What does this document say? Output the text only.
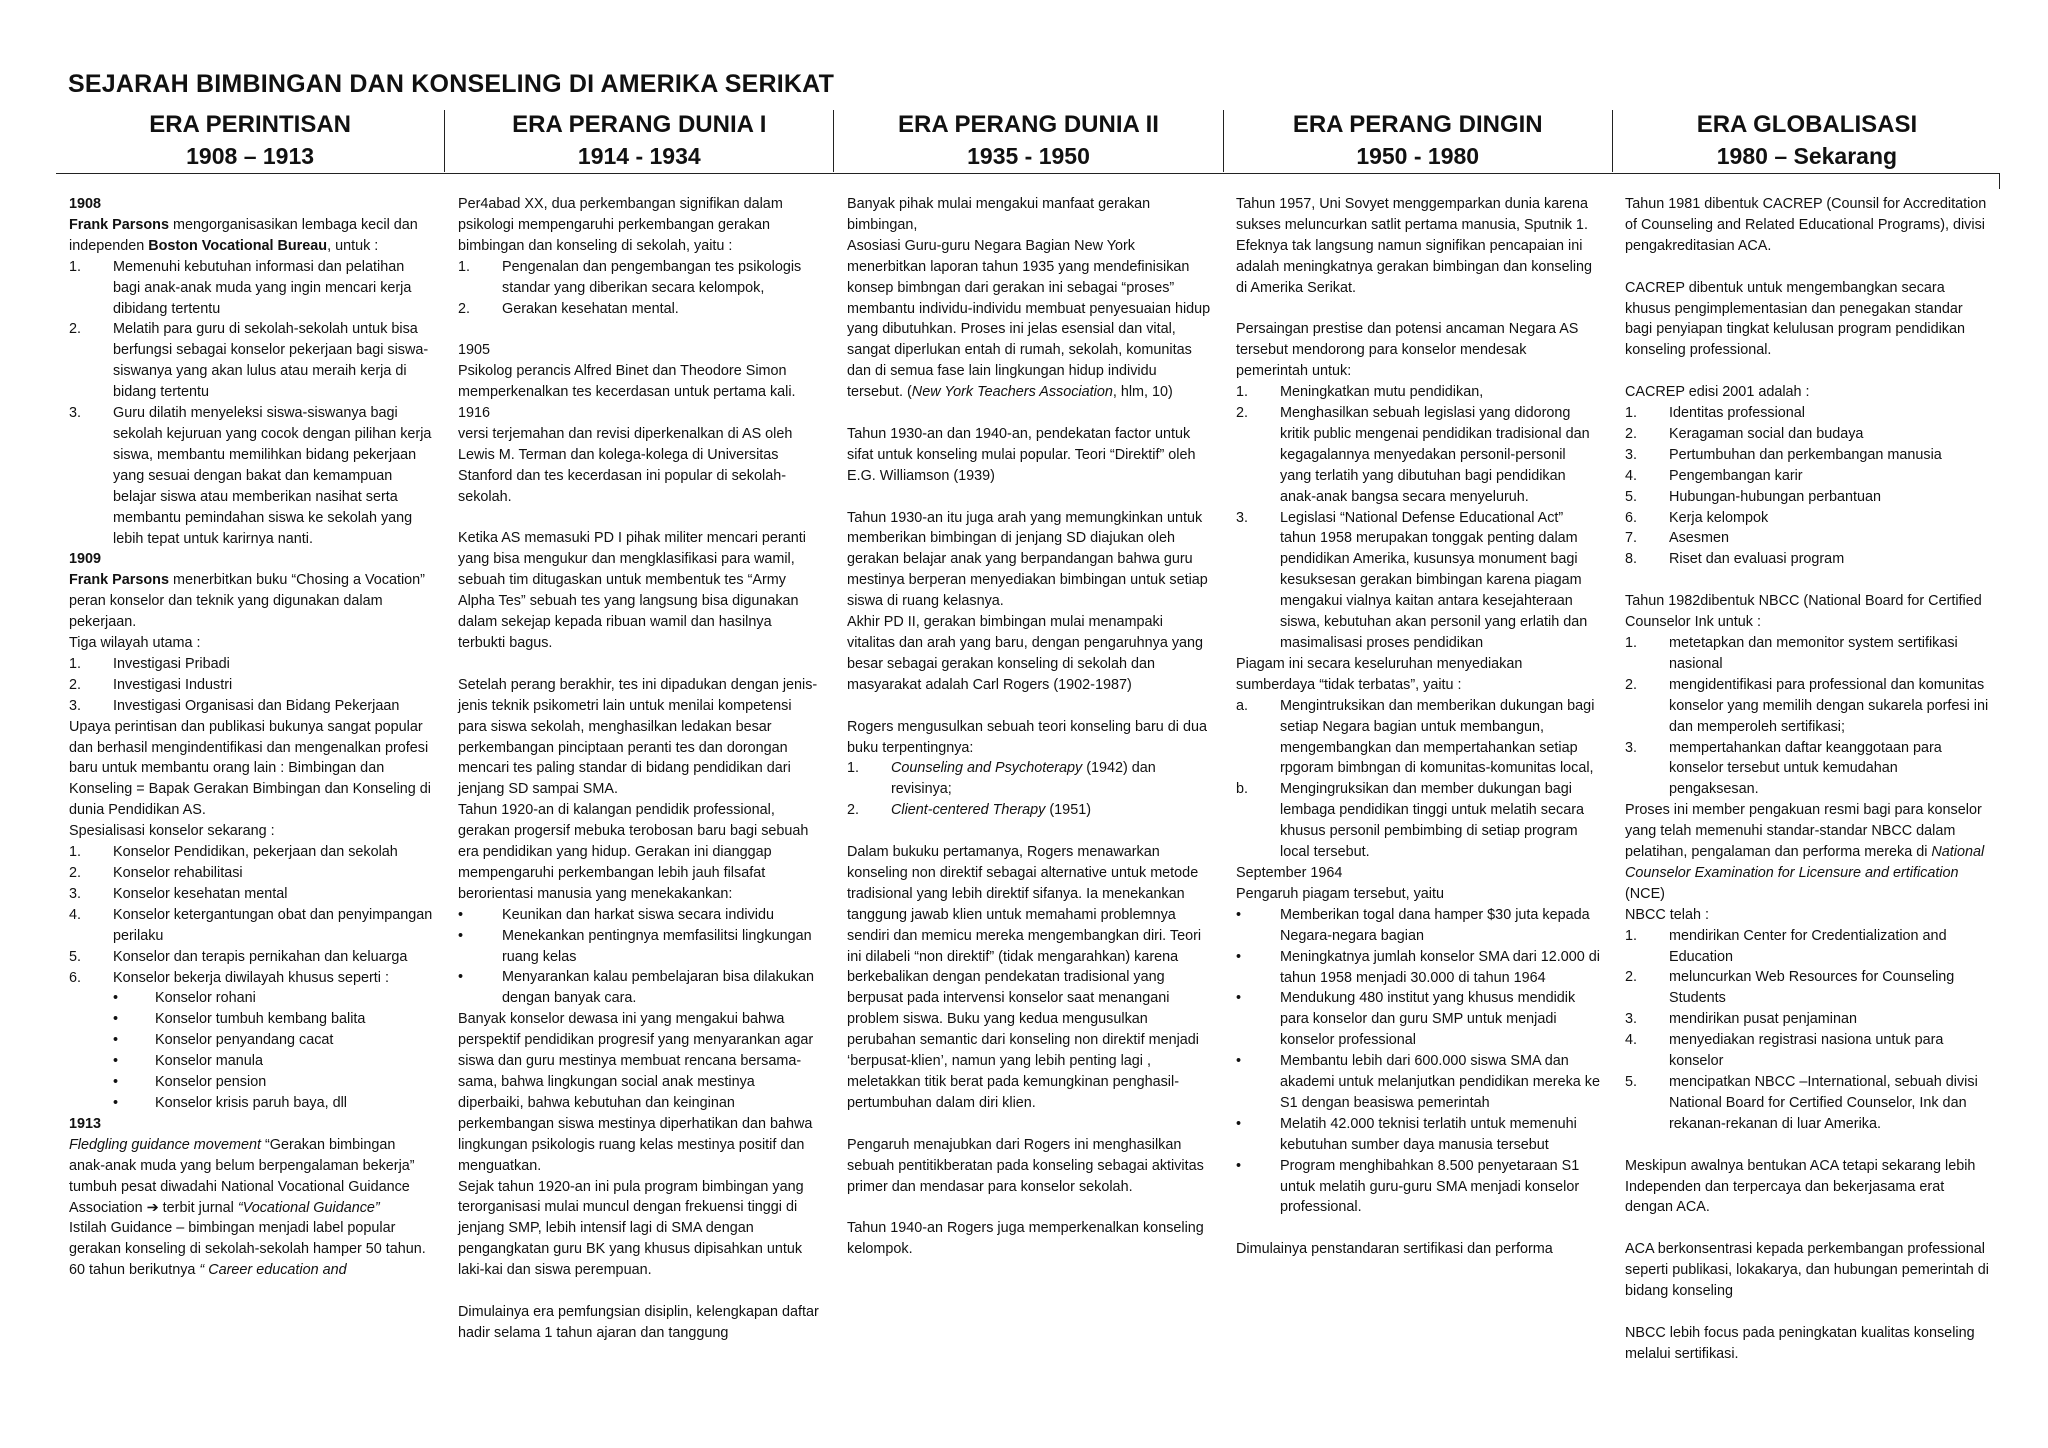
SEJARAH BIMBINGAN DAN KONSELING DI AMERIKA SERIKAT
ERA PERINTISAN
1908 – 1913
ERA PERANG DUNIA I
1914 - 1934
ERA PERANG DUNIA II
1935 - 1950
ERA PERANG DINGIN
1950 - 1980
ERA GLOBALISASI
1980 – Sekarang

1908

Frank Parsons mengorganisasikan lembaga kecil dan independen Boston Vocational Bureau, untuk :

1.	Memenuhi kebutuhan informasi dan pelatihan bagi anak-anak muda yang ingin mencari kerja dibidang tertentu
2.	Melatih para guru di sekolah-sekolah untuk bisa berfungsi sebagai konselor pekerjaan bagi siswa-siswanya yang akan lulus atau meraih kerja di bidang tertentu
3.	Guru dilatih menyeleksi siswa-siswanya bagi sekolah kejuruan yang cocok dengan pilihan kerja siswa, membantu memilihkan bidang pekerjaan yang sesuai dengan bakat dan kemampuan belajar siswa atau memberikan nasihat serta membantu pemindahan siswa ke sekolah yang lebih tepat untuk karirnya nanti.

1909

Frank Parsons menerbitkan buku “Chosing a Vocation” peran konselor dan teknik yang digunakan dalam pekerjaan.

Tiga wilayah utama :

1.	Investigasi Pribadi
2.	Investigasi Industri
3.	Investigasi Organisasi dan Bidang Pekerjaan

Upaya perintisan dan publikasi bukunya sangat popular dan berhasil mengindentifikasi dan mengenalkan profesi baru untuk membantu orang lain : Bimbingan dan Konseling = Bapak Gerakan Bimbingan dan Konseling di dunia Pendidikan AS.

Spesialisasi konselor sekarang :

1.	Konselor Pendidikan, pekerjaan dan sekolah
2.	Konselor rehabilitasi
3.	Konselor kesehatan mental
4.	Konselor ketergantungan obat dan penyimpangan perilaku
5.	Konselor dan terapis pernikahan dan keluarga
6.	Konselor bekerja diwilayah khusus seperti :
•	Konselor rohani
•	Konselor tumbuh kembang balita
•	Konselor penyandang cacat
•	Konselor manula
•	Konselor pension
•	Konselor krisis paruh baya, dll

1913

Fledgling guidance movement “Gerakan bimbingan anak-anak muda yang belum berpengalaman bekerja” tumbuh pesat diwadahi National Vocational Guidance Association ➔ terbit jurnal “Vocational Guidance”

Istilah Guidance – bimbingan menjadi label popular gerakan konseling di sekolah-sekolah hamper 50 tahun.

60 tahun berikutnya “ Career education and

Per4abad XX, dua perkembangan signifikan dalam psikologi mempengaruhi perkembangan gerakan bimbingan dan konseling di sekolah, yaitu :

1.	Pengenalan dan pengembangan tes psikologis standar yang diberikan secara kelompok,
2.	Gerakan kesehatan mental.

1905

Psikolog perancis Alfred Binet dan Theodore Simon memperkenalkan tes kecerdasan untuk pertama kali.

1916

versi terjemahan dan revisi diperkenalkan di AS oleh Lewis M. Terman dan kolega-kolega di Universitas Stanford dan tes kecerdasan ini popular di sekolah-sekolah.

Ketika AS memasuki PD I pihak militer mencari peranti yang bisa mengukur dan mengklasifikasi para wamil, sebuah tim ditugaskan untuk membentuk tes “Army Alpha Tes” sebuah tes yang langsung bisa digunakan dalam sekejap kepada ribuan wamil dan hasilnya terbukti bagus.

Setelah perang berakhir, tes ini dipadukan dengan jenis-jenis teknik psikometri lain untuk menilai kompetensi para siswa sekolah, menghasilkan ledakan besar perkembangan pinciptaan peranti tes dan dorongan mencari tes paling standar di bidang pendidikan dari jenjang SD sampai SMA.

Tahun 1920-an di kalangan pendidik professional, gerakan progersif mebuka terobosan baru bagi sebuah era pendidikan yang hidup. Gerakan ini dianggap mempengaruhi perkembangan lebih jauh filsafat berorientasi manusia yang menekakankan:

•	Keunikan dan harkat siswa secara individu
•	Menekankan pentingnya memfasilitsi lingkungan ruang kelas
•	Menyarankan kalau pembelajaran bisa dilakukan dengan banyak cara.

Banyak konselor dewasa ini yang mengakui bahwa perspektif pendidikan progresif yang menyarankan agar siswa dan guru mestinya membuat rencana bersama-sama, bahwa lingkungan social anak mestinya diperbaiki, bahwa kebutuhan dan keinginan perkembangan siswa mestinya diperhatikan dan bahwa lingkungan psikologis ruang kelas mestinya positif dan menguatkan.

Sejak tahun 1920-an ini pula program bimbingan yang terorganisasi mulai muncul dengan frekuensi tinggi di jenjang SMP, lebih intensif lagi di SMA dengan pengangkatan guru BK yang khusus dipisahkan untuk laki-kai dan siswa perempuan.

Dimulainya era pemfungsian disiplin, kelengkapan daftar hadir selama 1 tahun ajaran dan tanggung

Banyak pihak mulai mengakui manfaat gerakan bimbingan,

Asosiasi Guru-guru Negara Bagian New York menerbitkan laporan tahun 1935 yang mendefinisikan konsep bimbngan dari gerakan ini sebagai “proses” membantu individu-individu membuat penyesuaian hidup yang dibutuhkan. Proses ini jelas esensial dan vital, sangat diperlukan entah di rumah, sekolah, komunitas dan di semua fase lain lingkungan hidup individu tersebut. (New York Teachers Association, hlm, 10)

Tahun 1930-an dan 1940-an, pendekatan factor untuk sifat untuk konseling mulai popular. Teori “Direktif” oleh E.G. Williamson (1939)

Tahun 1930-an itu juga arah yang memungkinkan untuk memberikan bimbingan di jenjang SD diajukan oleh gerakan belajar anak yang berpandangan bahwa guru mestinya berperan menyediakan bimbingan untuk setiap siswa di ruang kelasnya.

Akhir PD II, gerakan bimbingan mulai menampaki vitalitas dan arah yang baru, dengan pengaruhnya yang besar sebagai gerakan konseling di sekolah dan masyarakat adalah Carl Rogers (1902-1987)

Rogers mengusulkan sebuah teori konseling baru di dua buku terpentingnya:

1.	Counseling and Psychoterapy (1942) dan revisinya;
2.	Client-centered Therapy (1951)

Dalam bukuku pertamanya, Rogers menawarkan konseling non direktif sebagai alternative untuk metode tradisional yang lebih direktif sifanya. Ia menekankan tanggung jawab klien untuk memahami problemnya sendiri dan memicu mereka mengembangkan diri. Teori ini dilabeli “non direktif” (tidak mengarahkan) karena berkebalikan dengan pendekatan tradisional yang berpusat pada intervensi konselor saat menangani problem siswa. Buku yang kedua mengusulkan perubahan semantic dari konseling non direktif menjadi ‘berpusat-klien’, namun yang lebih penting lagi , meletakkan titik berat pada kemungkinan penghasil-pertumbuhan dalam diri klien.

Pengaruh menajubkan dari Rogers ini menghasilkan sebuah pentitikberatan pada konseling sebagai aktivitas primer dan mendasar para konselor sekolah.

Tahun 1940-an Rogers juga memperkenalkan konseling kelompok.

Tahun 1957, Uni Sovyet menggemparkan dunia karena sukses meluncurkan satlit pertama manusia, Sputnik 1. Efeknya tak langsung namun signifikan pencapaian ini adalah meningkatnya gerakan bimbingan dan konseling di Amerika Serikat.

Persaingan prestise dan potensi ancaman Negara AS tersebut mendorong para konselor mendesak pemerintah untuk:

1.	Meningkatkan mutu pendidikan,
2.	Menghasilkan sebuah legislasi yang didorong kritik public mengenai pendidikan tradisional dan kegagalannya menyedakan personil-personil yang terlatih yang dibutuhan bagi pendidikan anak-anak bangsa secara menyeluruh.
3.	Legislasi “National Defense Educational Act” tahun 1958 merupakan tonggak penting dalam pendidikan Amerika, kusunsya monument bagi kesuksesan gerakan bimbingan karena piagam mengakui vialnya kaitan antara kesejahteraan siswa, kebutuhan akan personil yang erlatih dan masimalisasi proses pendidikan

Piagam ini secara keseluruhan menyediakan sumberdaya “tidak terbatas”, yaitu :

a.	Mengintruksikan dan memberikan dukungan bagi setiap Negara bagian untuk membangun, mengembangkan dan mempertahankan setiap rpgoram bimbngan di komunitas-komunitas local,
b.	Mengingruksikan dan member dukungan bagi lembaga pendidikan tinggi untuk melatih secara khusus personil pembimbing di setiap program local tersebut.

September 1964

Pengaruh piagam tersebut, yaitu

•	Memberikan togal dana hamper $30 juta kepada Negara-negara bagian
•	Meningkatnya jumlah konselor SMA dari 12.000 di tahun 1958 menjadi 30.000 di tahun 1964
•	Mendukung 480 institut yang khusus mendidik para konselor dan guru SMP untuk menjadi konselor professional
•	Membantu lebih dari 600.000 siswa SMA dan akademi untuk melanjutkan pendidikan mereka ke S1 dengan beasiswa pemerintah
•	Melatih 42.000 teknisi terlatih untuk memenuhi kebutuhan sumber daya manusia tersebut
•	Program menghibahkan 8.500 penyetaraan S1 untuk melatih guru-guru SMA menjadi konselor professional.

Dimulainya penstandaran sertifikasi dan performa

Tahun 1981 dibentuk CACREP (Counsil for Accreditation of Counseling and Related Educational Programs), divisi pengakreditasian ACA.

CACREP dibentuk untuk mengembangkan secara khusus pengimplementasian dan penegakan standar bagi penyiapan tingkat kelulusan program pendidikan konseling professional.

CACREP edisi 2001 adalah :

1.	Identitas professional
2.	Keragaman social dan budaya
3.	Pertumbuhan dan perkembangan manusia
4.	Pengembangan karir
5.	Hubungan-hubungan perbantuan
6.	Kerja kelompok
7.	Asesmen
8.	Riset dan evaluasi program

Tahun 1982dibentuk NBCC (National Board for Certified Counselor Ink untuk :

1.	metetapkan dan memonitor system sertifikasi nasional
2.	mengidentifikasi para professional dan komunitas konselor yang memilih dengan sukarela porfesi ini dan memperoleh sertifikasi;
3.	mempertahankan daftar keanggotaan para konselor tersebut untuk kemudahan pengaksesan.

Proses ini member pengakuan resmi bagi para konselor yang telah memenuhi standar-standar NBCC dalam pelatihan, pengalaman dan performa mereka di National Counselor Examination for Licensure and ertification (NCE)

NBCC telah :

1.	mendirikan Center for Credentialization and Education
2.	meluncurkan Web Resources for Counseling Students
3.	mendirikan pusat penjaminan
4.	menyediakan registrasi nasiona untuk para konselor
5.	mencipatkan NBCC –International, sebuah divisi National Board for Certified Counselor, Ink dan rekanan-rekanan di luar Amerika.

Meskipun awalnya bentukan ACA tetapi sekarang lebih Independen dan terpercaya dan bekerjasama erat dengan ACA.

ACA berkonsentrasi kepada perkembangan professional seperti publikasi, lokakarya, dan hubungan pemerintah di bidang konseling

NBCC lebih focus pada peningkatan kualitas konseling melalui sertifikasi.
